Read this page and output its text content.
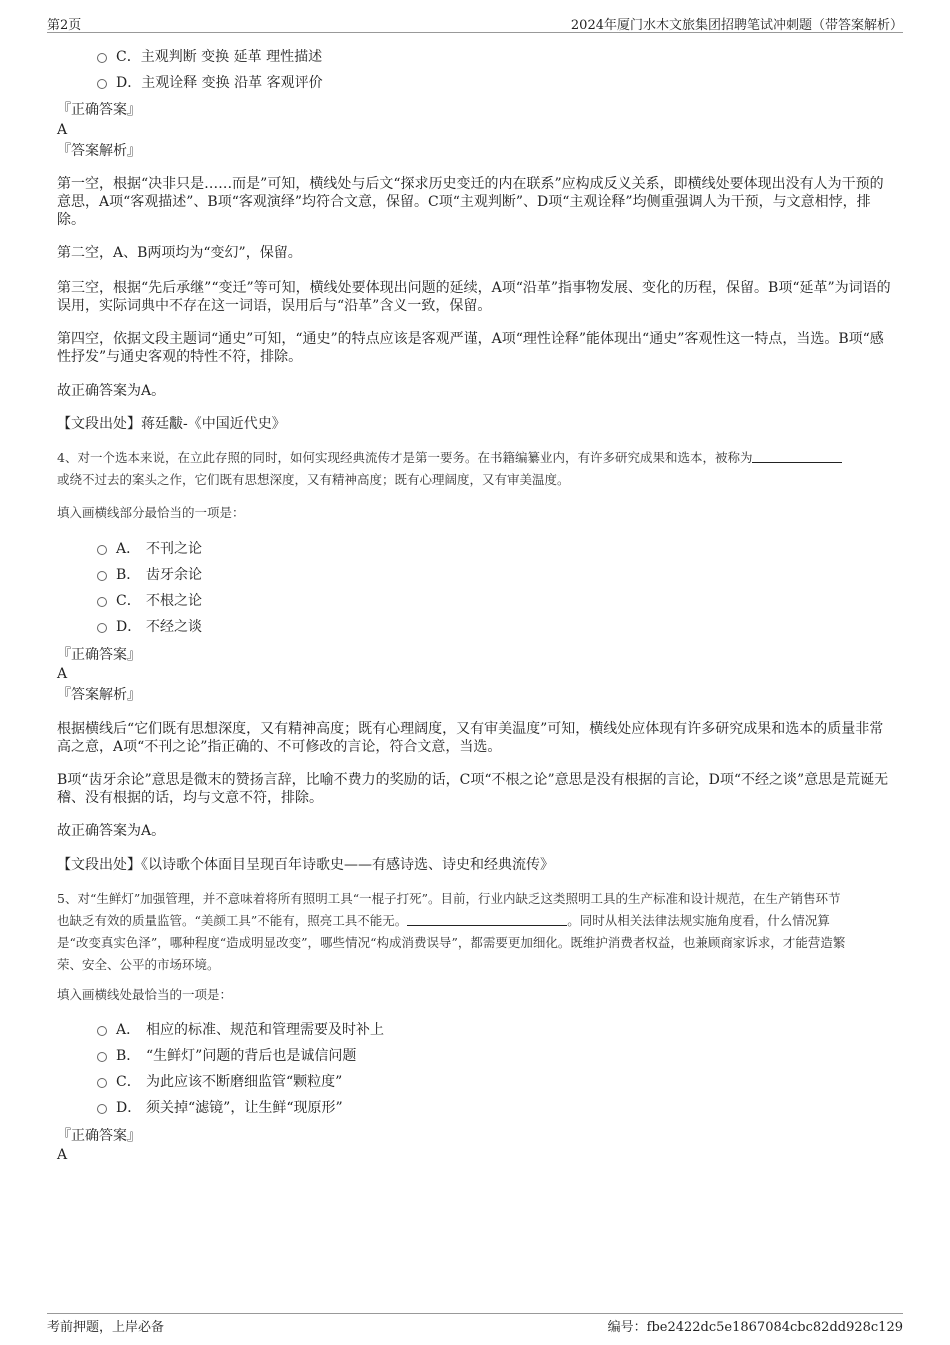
第2页	2024年厦门水木文旅集团招聘笔试冲刺题（带答案解析）
C．主观判断 变换 延革 理性描述
D．主观诠释 变换 沿革 客观评价
『正确答案』
A
『答案解析』
第一空，根据“决非只是……而是”可知，横线处与后文“探求历史变迁的内在联系”应构成反义关系，即横线处要体现出没有人为干预的意思，A项“客观描述”、B项“客观演绎”均符合文意，保留。C项“主观判断”、D项“主观诠释”均侧重强调人为干预，与文意相悖，排除。
第二空，A、B两项均为“变幻”，保留。
第三空，根据“先后承继”“变迁”等可知，横线处要体现出问题的延续，A项“沿革”指事物发展、变化的历程，保留。B项“延革”为词语的误用，实际词典中不存在这一词语，误用后与“沿革”含义一致，保留。
第四空，依据文段主题词“通史”可知，“通史”的特点应该是客观严谨，A项“理性诠释”能体现出“通史”客观性这一特点，当选。B项“感性抒发”与通史客观的特性不符，排除。
故正确答案为A。
【文段出处】蒋廷黻-《中国近代史》
4、对一个选本来说，在立此存照的同时，如何实现经典流传才是第一要务。在书籍编纂业内，有许多研究成果和选本，被称为
或绕不过去的案头之作，它们既有思想深度，又有精神高度；既有心理阔度，又有审美温度。
填入画横线部分最恰当的一项是：
A． 不刊之论
B． 齿牙余论
C． 不根之论
D． 不经之谈
『正确答案』
A
『答案解析』
根据横线后“它们既有思想深度，又有精神高度；既有心理阔度，又有审美温度”可知，横线处应体现有许多研究成果和选本的质量非常高之意，A项“不刊之论”指正确的、不可修改的言论，符合文意，当选。
B项“齿牙余论”意思是微末的赞扬言辞，比喻不费力的奖励的话，C项“不根之论”意思是没有根据的言论，D项“不经之谈”意思是荒诞无稽、没有根据的话，均与文意不符，排除。
故正确答案为A。
【文段出处】《以诗歌个体面目呈现百年诗歌史——有感诗选、诗史和经典流传》
5、对“生鲜灯”加强管理，并不意味着将所有照明工具“一棍子打死”。目前，行业内缺乏这类照明工具的生产标准和设计规范，在生产销售环节
也缺乏有效的质量监管。“美颜工具”不能有，照亮工具不能无。	。同时从相关法律法规实施角度看，什么情况算
是“改变真实色泽”，哪种程度“造成明显改变”，哪些情况“构成消费误导”，都需要更加细化。既维护消费者权益，也兼顾商家诉求，才能营造繁
荣、安全、公平的市场环境。
填入画横线处最恰当的一项是：
A． 相应的标准、规范和管理需要及时补上
B． “生鲜灯”问题的背后也是诚信问题
C． 为此应该不断磨细监管“颗粒度”
D． 须关掉“滤镜”，让生鲜“现原形”
『正确答案』
A
考前押题，上岸必备	编号：fbe2422dc5e1867084cbc82dd928c129
